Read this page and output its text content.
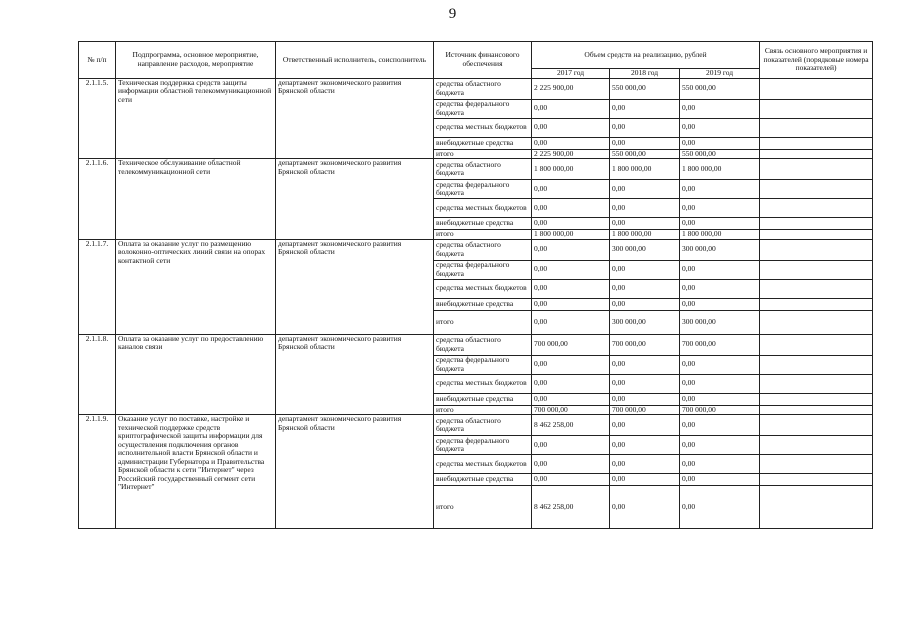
9
№ п/п	Подпрограмма, основное мероприятие, направление расходов, мероприятие	Ответственный исполнитель, соисполнитель	Источник финансового обеспечения	Объем средств на реализацию, рублей			Связь основного мероприятия и показателей (порядковые номера показателей)
				2017 год	2018 год	2019 год	
2.1.1.5.	Техническая поддержка средств защиты информации областной телекоммуникационной сети	департамент экономического развития Брянской области	средства областного бюджета	2 225 900,00	550 000,00	550 000,00	
			средства федерального бюджета	0,00	0,00	0,00	
			средства местных бюджетов	0,00	0,00	0,00	
			внебюджетные средства	0,00	0,00	0,00	
			итого	2 225 900,00	550 000,00	550 000,00	
2.1.1.6.	Техническое обслуживание областной телекоммуникационной сети	департамент экономического развития Брянской области	средства областного бюджета	1 800 000,00	1 800 000,00	1 800 000,00	
			средства федерального бюджета	0,00	0,00	0,00	
			средства местных бюджетов	0,00	0,00	0,00	
			внебюджетные средства	0,00	0,00	0,00	
			итого	1 800 000,00	1 800 000,00	1 800 000,00	
2.1.1.7.	Оплата за оказание услуг по размещению волоконно-оптических линий связи на опорах контактной сети	департамент экономического развития Брянской области	средства областного бюджета	0,00	300 000,00	300 000,00	
			средства федерального бюджета	0,00	0,00	0,00	
			средства местных бюджетов	0,00	0,00	0,00	
			внебюджетные средства	0,00	0,00	0,00	
			итого	0,00	300 000,00	300 000,00	
2.1.1.8.	Оплата за оказание услуг по предоставлению каналов связи	департамент экономического развития Брянской области	средства областного бюджета	700 000,00	700 000,00	700 000,00	
			средства федерального бюджета	0,00	0,00	0,00	
			средства местных бюджетов	0,00	0,00	0,00	
			внебюджетные средства	0,00	0,00	0,00	
			итого	700 000,00	700 000,00	700 000,00	
2.1.1.9.	Оказание услуг по поставке, настройке и технической поддержке средств криптографической защиты информации для осуществления подключения органов исполнительной власти Брянской области и администрации Губернатора и Правительства Брянской области к сети "Интернет" через Российский государственный сегмент сети "Интернет"	департамент экономического развития Брянской области	средства областного бюджета	8 462 258,00	0,00	0,00	
			средства федерального бюджета	0,00	0,00	0,00	
			средства местных бюджетов	0,00	0,00	0,00	
			внебюджетные средства	0,00	0,00	0,00	
			итого	8 462 258,00	0,00	0,00	
